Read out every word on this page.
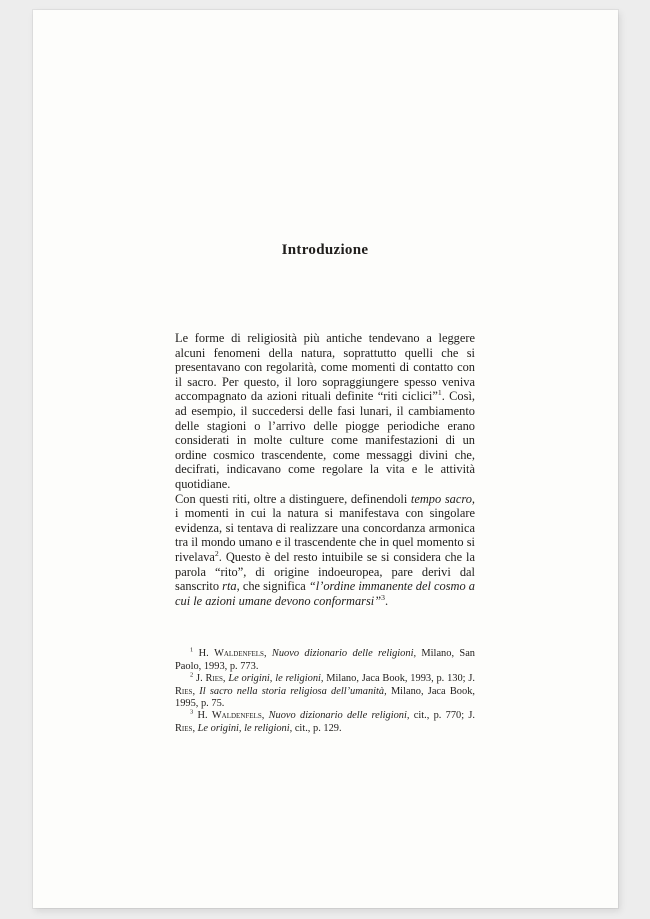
Introduzione

Le forme di religiosità più antiche tendevano a leggere alcuni fenomeni della natura, soprattutto quelli che si presentavano con regolarità, come momenti di contatto con il sacro. Per questo, il loro sopraggiungere spesso veniva accompagnato da azioni rituali definite “riti ciclici”$^1$. Così, ad esempio, il succedersi delle fasi lunari, il cambiamento delle stagioni o l’arrivo delle piogge periodiche erano considerati in molte culture come manifestazioni di un ordine cosmico trascendente, come messaggi divini che, decifrati, indicavano come regolare la vita e le attività quotidiane.

Con questi riti, oltre a distinguere, definendoli tempo sacro, i momenti in cui la natura si manifestava con singolare evidenza, si tentava di realizzare una concordanza armonica tra il mondo umano e il trascendente che in quel momento si rivelava$^2$. Questo è del resto intuibile se si considera che la parola “rito”, di origine indoeuropea, pare derivi dal sanscrito rta, che significa “l’ordine immanente del cosmo a cui le azioni umane devono conformarsi”$^3$.

$^1$ H. Waldenfels, Nuovo dizionario delle religioni, Milano, San Paolo, 1993, p. 773.

$^2$ J. Ries, Le origini, le religioni, Milano, Jaca Book, 1993, p. 130; J. Ries, Il sacro nella storia religiosa dell’umanità, Milano, Jaca Book, 1995, p. 75.

$^3$ H. Waldenfels, Nuovo dizionario delle religioni, cit., p. 770; J. Ries, Le origini, le religioni, cit., p. 129.
